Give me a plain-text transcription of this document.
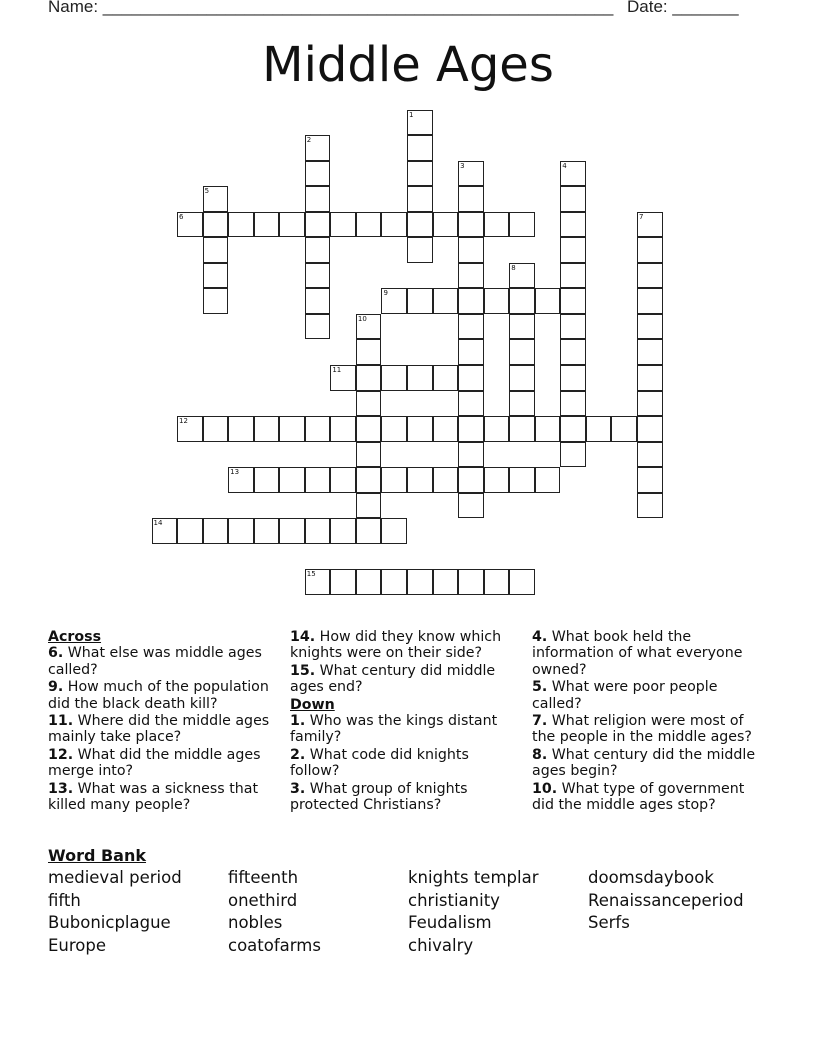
Name: ______________________________________________________ Date: _______
Middle Ages
1
2
3	4
5
6	7
8
9
10
11
12
13
14
15
Across
6. What else was middle ages called?
9. How much of the population did the black death kill?
11. Where did the middle ages mainly take place?
12. What did the middle ages merge into?
13. What was a sickness that killed many people?
14. How did they know which knights were on their side?
15. What century did middle ages end?
Down
1. Who was the kings distant family?
2. What code did knights follow?
3. What group of knights protected Christians?
4. What book held the information of what everyone owned?
5. What were poor people called?
7. What religion were most of the people in the middle ages?
8. What century did the middle ages begin?
10. What type of government did the middle ages stop?
Word Bank
medieval period	fifteenth	knights templar	doomsdaybook
fifth	onethird	christianity	Renaissanceperiod
Bubonicplague	nobles	Feudalism	Serfs
Europe	coatofarms	chivalry
